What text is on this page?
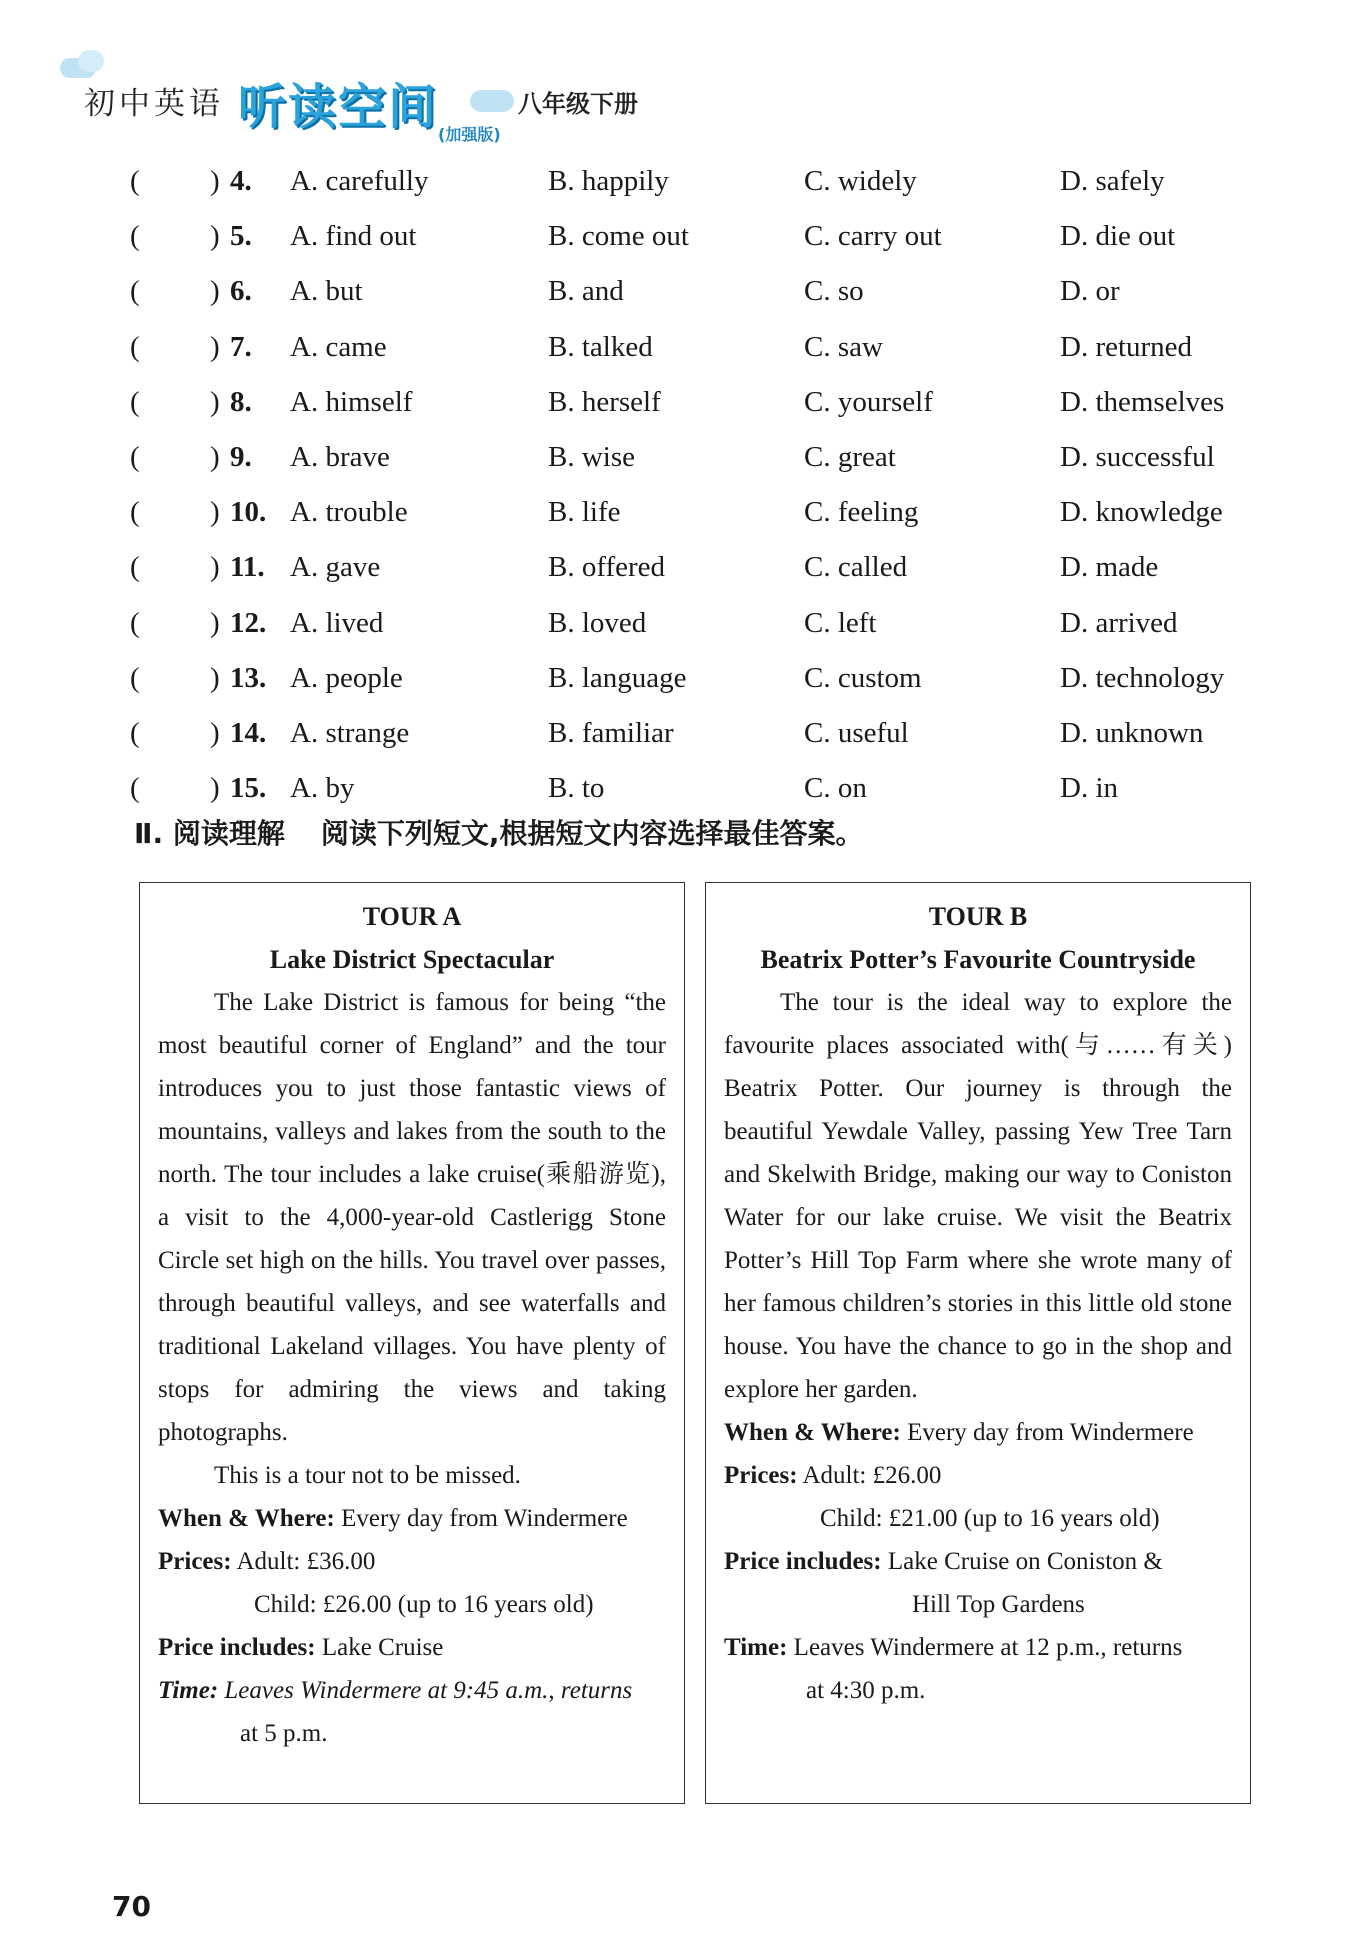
初中英语 听读空间 (加强版)
八年级下册
( ) 4. A. carefully	B. happily	C. widely	D. safely
( ) 5. A. find out	B. come out	C. carry out	D. die out
( ) 6. A. but	B. and	C. so	D. or
( ) 7. A. came	B. talked	C. saw	D. returned
( ) 8. A. himself	B. herself	C. yourself	D. themselves
( ) 9. A. brave	B. wise	C. great	D. successful
( ) 10. A. trouble	B. life	C. feeling	D. knowledge
( ) 11. A. gave	B. offered	C. called	D. made
( ) 12. A. lived	B. loved	C. left	D. arrived
( ) 13. A. people	B. language	C. custom	D. technology
( ) 14. A. strange	B. familiar	C. useful	D. unknown
( ) 15. A. by	B. to	C. on	D. in
Ⅱ. 阅读理解 阅读下列短文,根据短文内容选择最佳答案。
TOUR A
Lake District Spectacular

The Lake District is famous for being “the most beautiful corner of England” and the tour introduces you to just those fantastic views of mountains, valleys and lakes from the south to the north. The tour includes a lake cruise(乘船游览), a visit to the 4,000-year-old Castlerigg Stone Circle set high on the hills. You travel over passes, through beautiful valleys, and see waterfalls and traditional Lakeland villages. You have plenty of stops for admiring the views and taking photographs.

This is a tour not to be missed.

When & Where: Every day from Windermere
Prices: Adult: £36.00
Child: £26.00 (up to 16 years old)
Price includes: Lake Cruise
Time: Leaves Windermere at 9:45 a.m., returns
at 5 p.m.
TOUR B
Beatrix Potter’s Favourite Countryside

The tour is the ideal way to explore the favourite places associated with(与……有关) Beatrix Potter. Our journey is through the beautiful Yewdale Valley, passing Yew Tree Tarn and Skelwith Bridge, making our way to Coniston Water for our lake cruise. We visit the Beatrix Potter’s Hill Top Farm where she wrote many of her famous children’s stories in this little old stone house. You have the chance to go in the shop and explore her garden.

When & Where: Every day from Windermere
Prices: Adult: £26.00
Child: £21.00 (up to 16 years old)
Price includes: Lake Cruise on Coniston &
Hill Top Gardens
Time: Leaves Windermere at 12 p.m., returns
at 4:30 p.m.
70
